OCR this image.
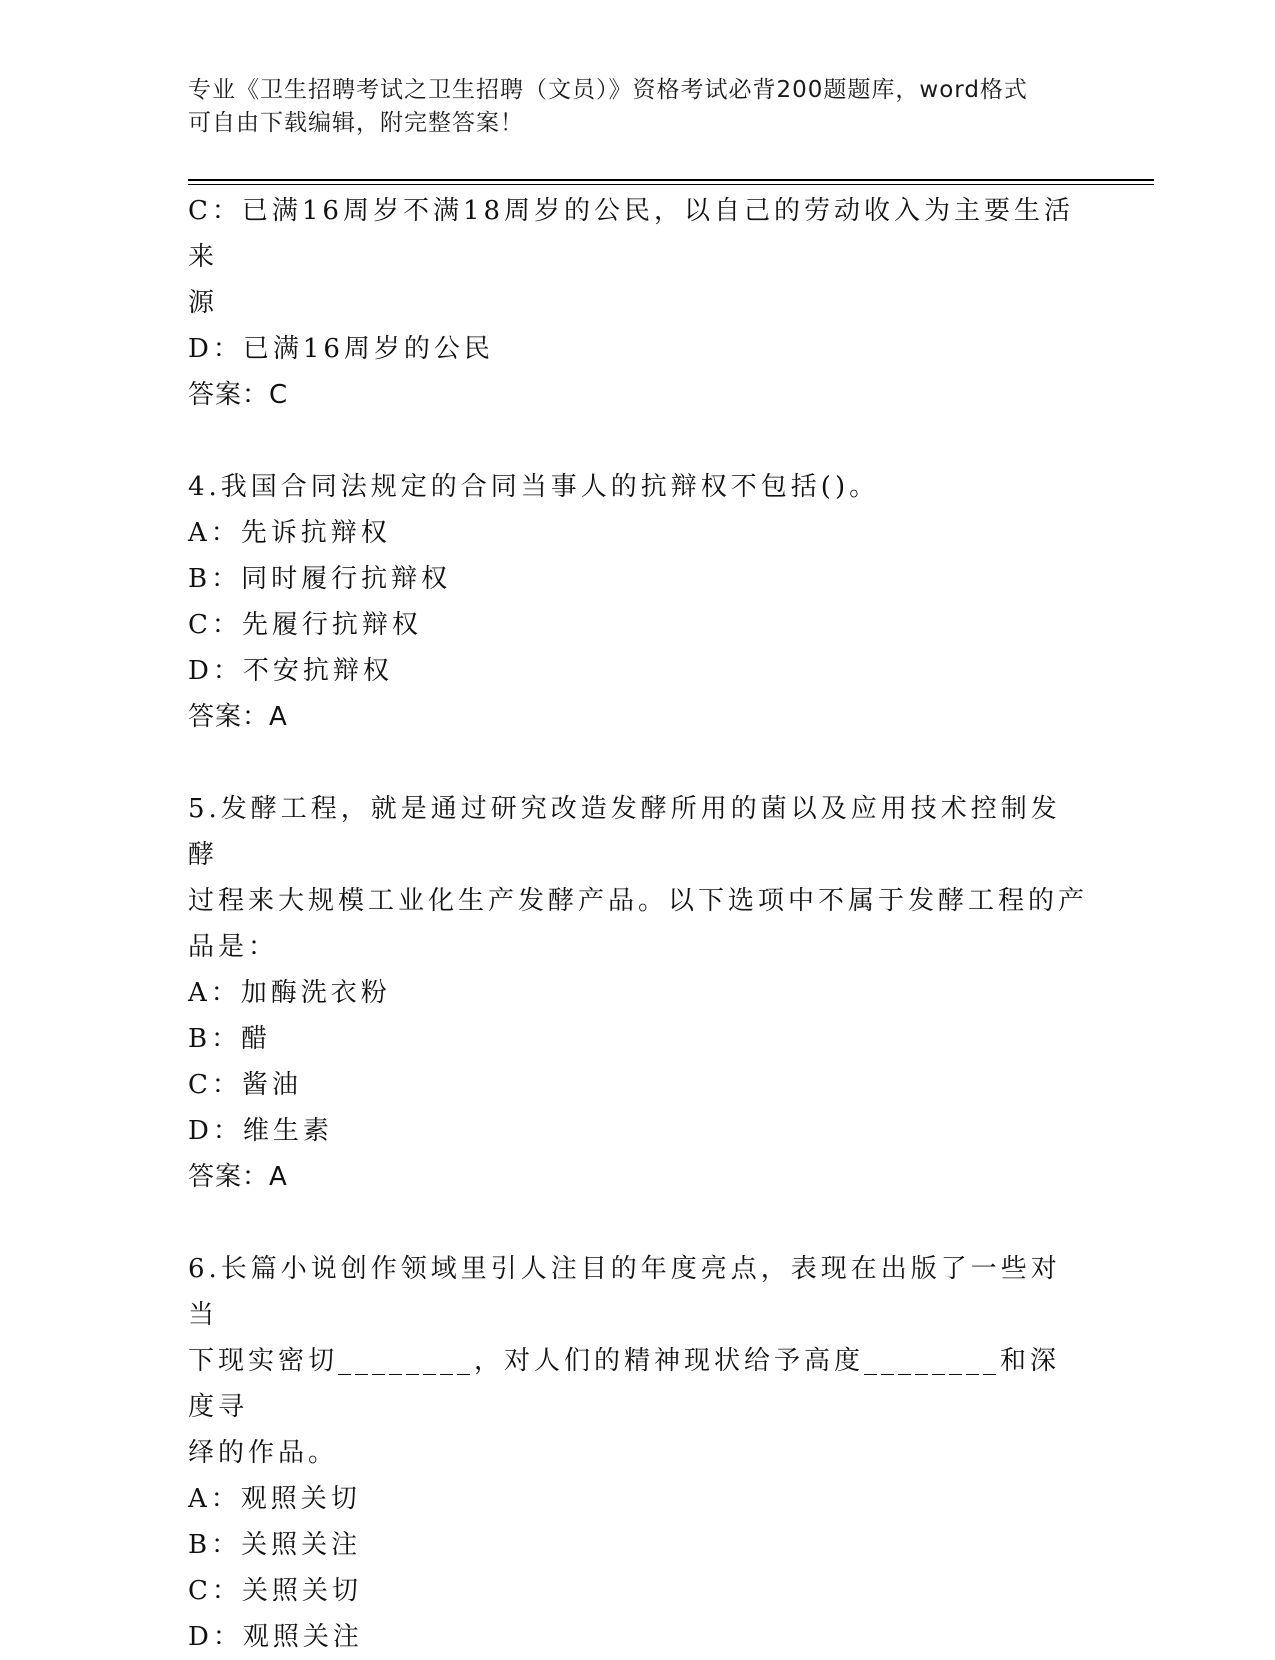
专业《卫生招聘考试之卫生招聘（文员）》资格考试必背200题题库，word格式
可自由下载编辑，附完整答案！
C：已满16周岁不满18周岁的公民，以自己的劳动收入为主要生活来
源
D：已满16周岁的公民
答案：C
4.我国合同法规定的合同当事人的抗辩权不包括()。
A：先诉抗辩权
B：同时履行抗辩权
C：先履行抗辩权
D：不安抗辩权
答案：A
5.发酵工程，就是通过研究改造发酵所用的菌以及应用技术控制发酵
过程来大规模工业化生产发酵产品。以下选项中不属于发酵工程的产
品是：
A：加酶洗衣粉
B：醋
C：酱油
D：维生素
答案：A
6.长篇小说创作领域里引人注目的年度亮点，表现在出版了一些对当
下现实密切________，对人们的精神现状给予高度________和深度寻
绎的作品。
A：观照关切
B：关照关注
C：关照关切
D：观照关注
